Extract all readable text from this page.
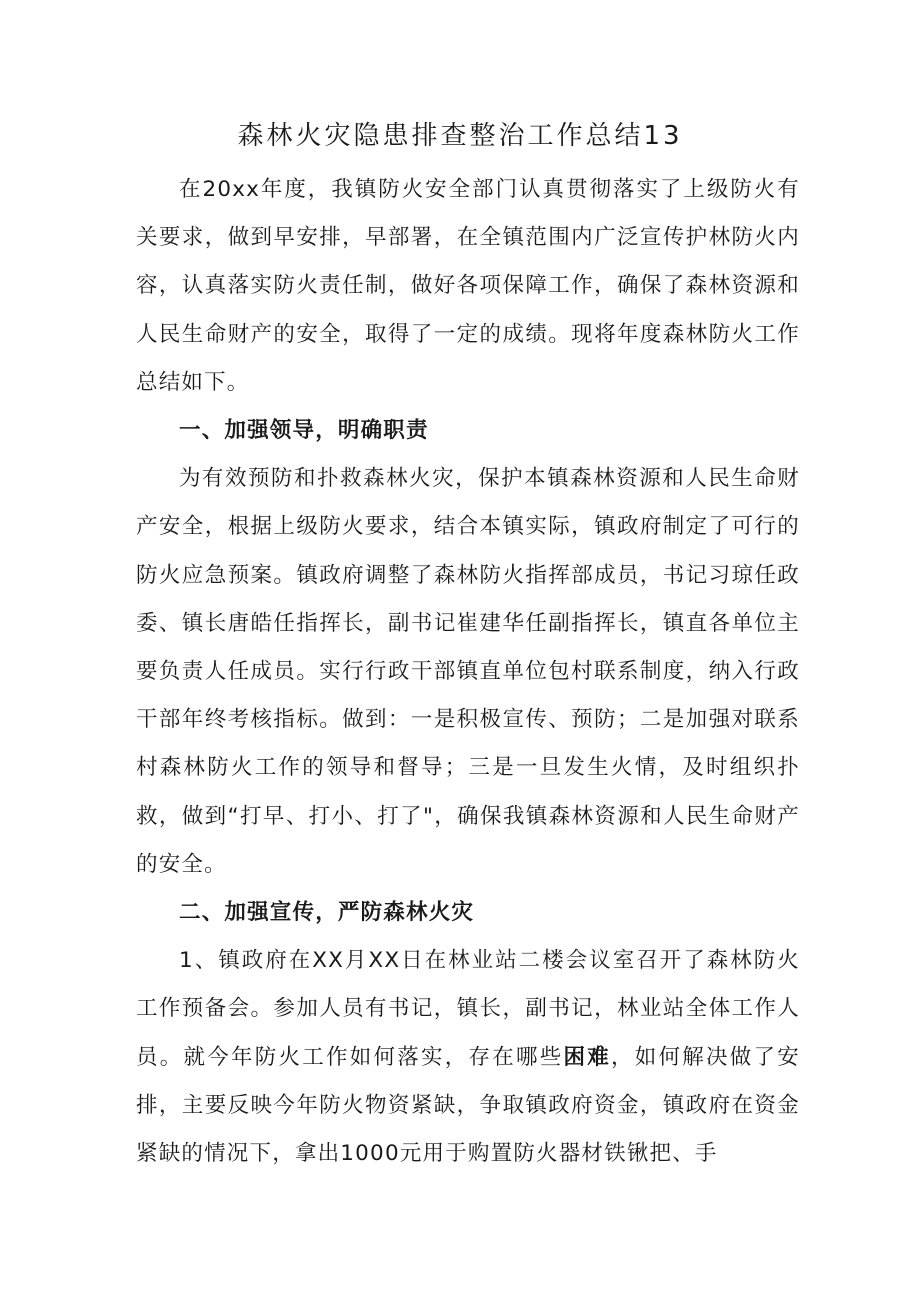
森林火灾隐患排查整治工作总结13

在20xx年度，我镇防火安全部门认真贯彻落实了上级防火有关要求，做到早安排，早部署，在全镇范围内广泛宣传护林防火内容，认真落实防火责任制，做好各项保障工作，确保了森林资源和人民生命财产的安全，取得了一定的成绩。现将年度森林防火工作总结如下。

一、加强领导，明确职责

为有效预防和扑救森林火灾，保护本镇森林资源和人民生命财产安全，根据上级防火要求，结合本镇实际，镇政府制定了可行的防火应急预案。镇政府调整了森林防火指挥部成员，书记习琼任政委、镇长唐皓任指挥长，副书记崔建华任副指挥长，镇直各单位主要负责人任成员。实行行政干部镇直单位包村联系制度，纳入行政干部年终考核指标。做到：一是积极宣传、预防；二是加强对联系村森林防火工作的领导和督导；三是一旦发生火情，及时组织扑救，做到“打早、打小、打了"，确保我镇森林资源和人民生命财产的安全。

二、加强宣传，严防森林火灾

1、镇政府在XX月XX日在林业站二楼会议室召开了森林防火工作预备会。参加人员有书记，镇长，副书记，林业站全体工作人员。就今年防火工作如何落实，存在哪些困难，如何解决做了安排，主要反映今年防火物资紧缺，争取镇政府资金，镇政府在资金紧缺的情况下，拿出1000元用于购置防火器材铁锹把、手
